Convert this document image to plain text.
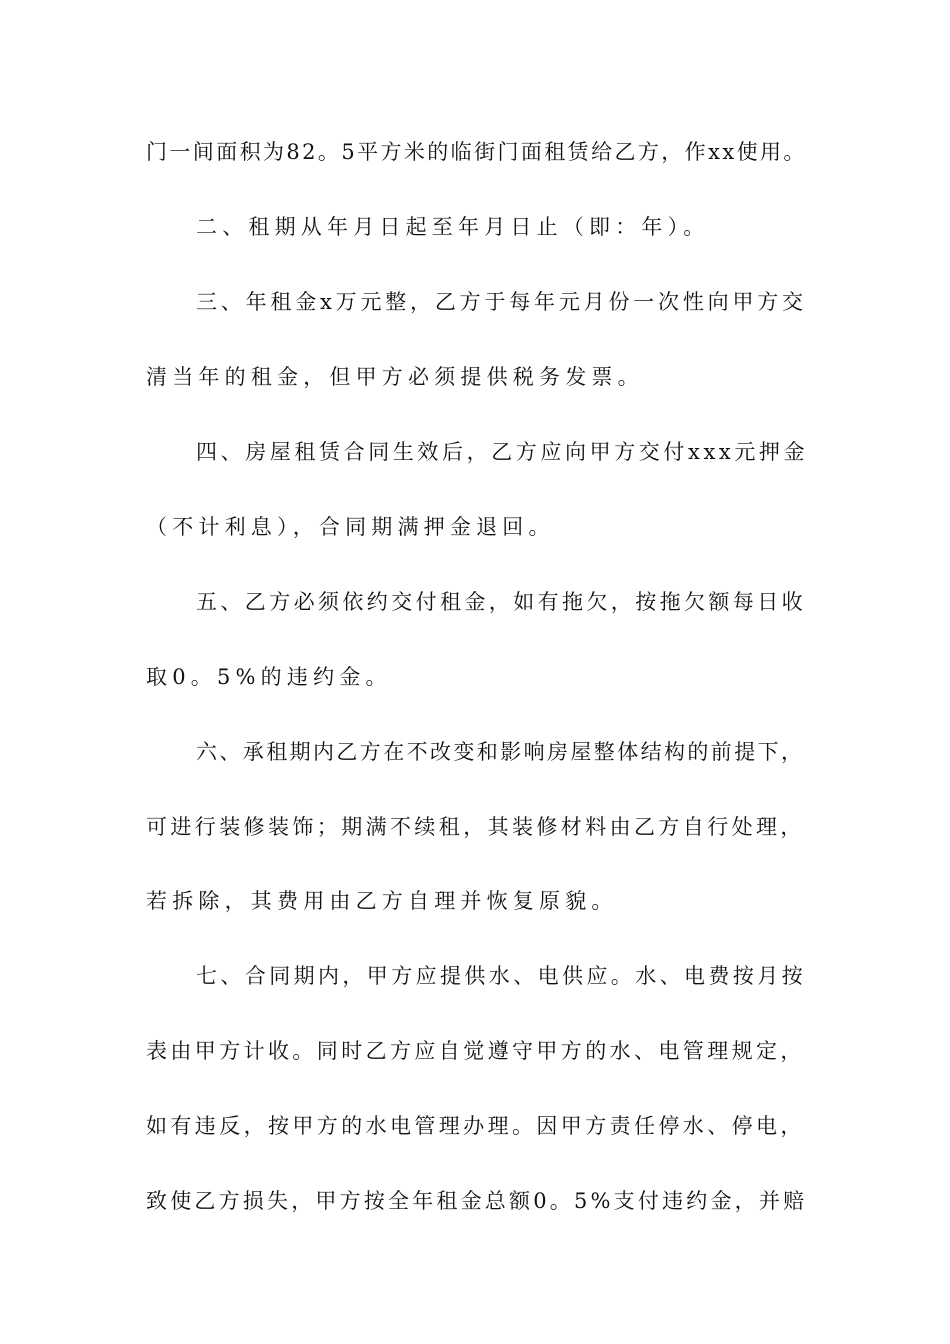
门一间面积为82。5平方米的临街门面租赁给乙方，作xx使用。
二、租期从年月日起至年月日止（即：年）。
三、年租金x万元整，乙方于每年元月份一次性向甲方交
清当年的租金，但甲方必须提供税务发票。
四、房屋租赁合同生效后，乙方应向甲方交付xxx元押金
（不计利息），合同期满押金退回。
五、乙方必须依约交付租金，如有拖欠，按拖欠额每日收
取0。5%的违约金。
六、承租期内乙方在不改变和影响房屋整体结构的前提下，
可进行装修装饰；期满不续租，其装修材料由乙方自行处理，
若拆除，其费用由乙方自理并恢复原貌。
七、合同期内，甲方应提供水、电供应。水、电费按月按
表由甲方计收。同时乙方应自觉遵守甲方的水、电管理规定，
如有违反，按甲方的水电管理办理。因甲方责任停水、停电，
致使乙方损失，甲方按全年租金总额0。5%支付违约金，并赔
